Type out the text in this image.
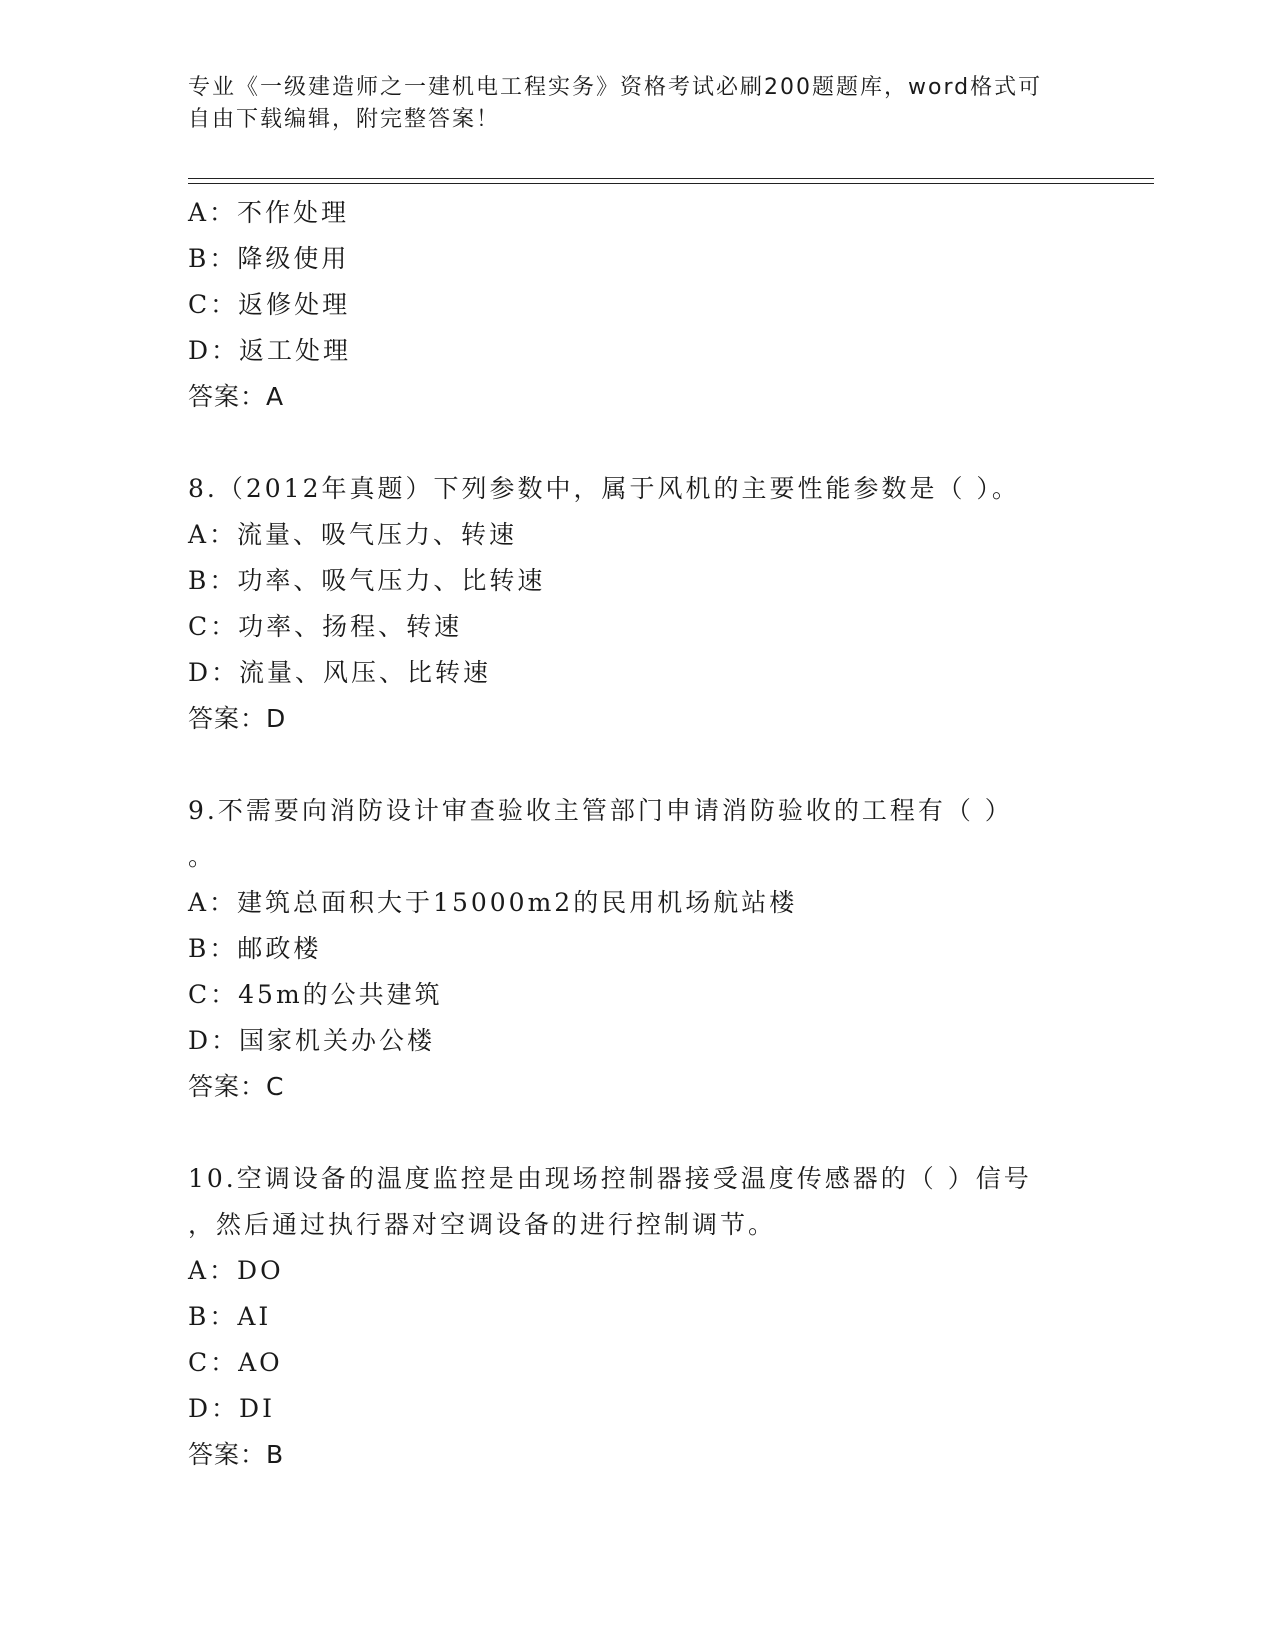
专业《一级建造师之一建机电工程实务》资格考试必刷200题题库，word格式可
自由下载编辑，附完整答案！
A：不作处理
B：降级使用
C：返修处理
D：返工处理
答案：A
8.（2012年真题）下列参数中，属于风机的主要性能参数是（ ）。
A：流量、吸气压力、转速
B：功率、吸气压力、比转速
C：功率、扬程、转速
D：流量、风压、比转速
答案：D
9.不需要向消防设计审查验收主管部门申请消防验收的工程有（ ）
。
A：建筑总面积大于15000m2的民用机场航站楼
B：邮政楼
C：45m的公共建筑
D：国家机关办公楼
答案：C
10.空调设备的温度监控是由现场控制器接受温度传感器的（ ）信号
，然后通过执行器对空调设备的进行控制调节。
A：DO
B：AI
C：AO
D：DI
答案：B
